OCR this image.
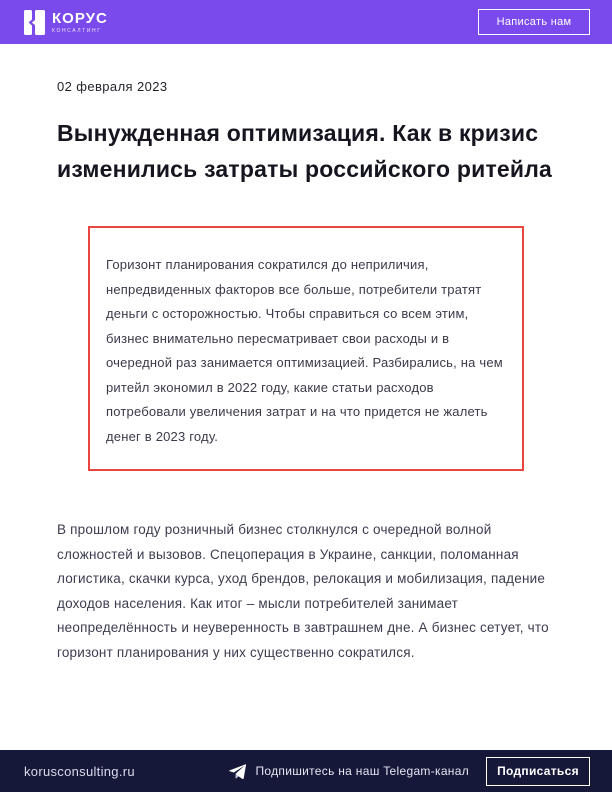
КОРУС
КОНСАЛТИНГ
Написать нам
02 февраля 2023
Вынужденная оптимизация. Как в кризис изменились затраты российского ритейла

Горизонт планирования сократился до неприличия, непредвиденных факторов все больше, потребители тратят деньги с осторожностью. Чтобы справиться со всем этим, бизнес внимательно пересматривает свои расходы и в очередной раз занимается оптимизацией. Разбирались, на чем ритейл экономил в 2022 году, какие статьи расходов потребовали увеличения затрат и на что придется не жалеть денег в 2023 году.

В прошлом году розничный бизнес столкнулся с очередной волной сложностей и вызовов. Спецоперация в Украине, санкции, поломанная логистика, скачки курса, уход брендов, релокация и мобилизация, падение доходов населения. Как итог – мысли потребителей занимает неопределённость и неуверенность в завтрашнем дне. А бизнес сетует, что горизонт планирования у них существенно сократился.

korusconsulting.ru	Подпишитесь на наш Telegam-канал	Подписаться
